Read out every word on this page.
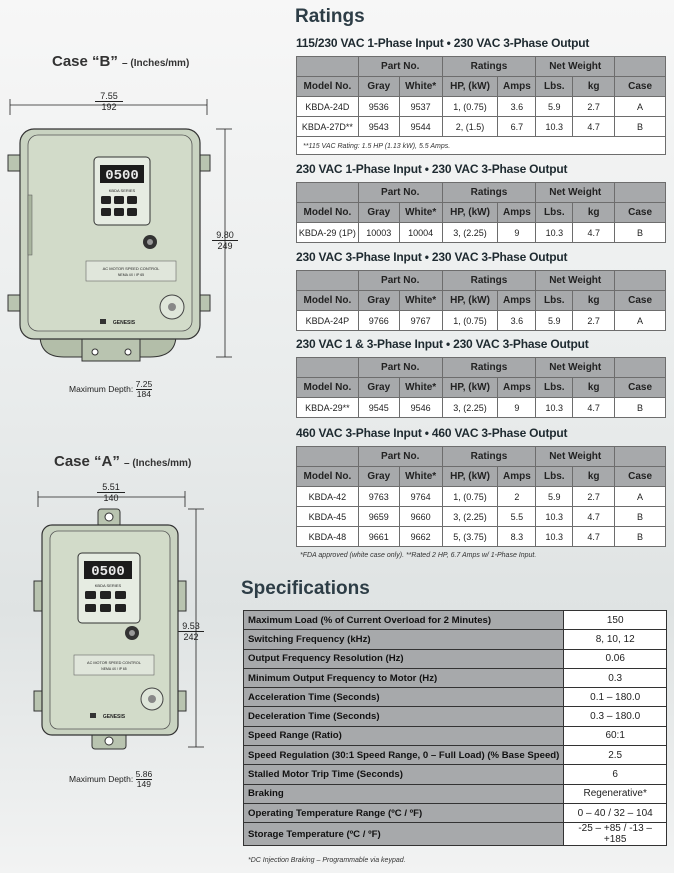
Case “B” – (Inches/mm)
7.55
192
9.80
249
0500
KBDA SERIES
AC MOTOR SPEED CONTROL
NEMA 4X / IP 65
GENESIS
Maximum Depth: $\frac{7.25}{184}$
Case “A” – (Inches/mm)
5.51
140
9.53
242
0500
KBDA SERIES
AC MOTOR SPEED CONTROL
NEMA 4X / IP 65
GENESIS
Maximum Depth: $\frac{5.86}{149}$
Ratings
115/230 VAC 1-Phase Input • 230 VAC 3-Phase Output
	Part No.		Ratings		Net Weight		
Model No.	Gray	White*	HP, (kW)	Amps	Lbs.	kg	Case
KBDA-24D	9536	9537	1, (0.75)	3.6	5.9	2.7	A
KBDA-27D**	9543	9544	2, (1.5)	6.7	10.3	4.7	B
**115 VAC Rating: 1.5 HP (1.13 kW), 5.5 Amps.							
230 VAC 1-Phase Input • 230 VAC 3-Phase Output
	Part No.		Ratings		Net Weight		
Model No.	Gray	White*	HP, (kW)	Amps	Lbs.	kg	Case
KBDA-29 (1P)	10003	10004	3, (2.25)	9	10.3	4.7	B
230 VAC 3-Phase Input • 230 VAC 3-Phase Output
	Part No.		Ratings		Net Weight		
Model No.	Gray	White*	HP, (kW)	Amps	Lbs.	kg	Case
KBDA-24P	9766	9767	1, (0.75)	3.6	5.9	2.7	A
230 VAC 1 & 3-Phase Input • 230 VAC 3-Phase Output
	Part No.		Ratings		Net Weight		
Model No.	Gray	White*	HP, (kW)	Amps	Lbs.	kg	Case
KBDA-29**	9545	9546	3, (2.25)	9	10.3	4.7	B
460 VAC 3-Phase Input • 460 VAC 3-Phase Output
	Part No.		Ratings		Net Weight		
Model No.	Gray	White*	HP, (kW)	Amps	Lbs.	kg	Case
KBDA-42	9763	9764	1, (0.75)	2	5.9	2.7	A
KBDA-45	9659	9660	3, (2.25)	5.5	10.3	4.7	B
KBDA-48	9661	9662	5, (3.75)	8.3	10.3	4.7	B
*FDA approved (white case only). **Rated 2 HP, 6.7 Amps w/ 1-Phase Input.
Specifications
Maximum Load (% of Current Overload for 2 Minutes)	150
Switching Frequency (kHz)	8, 10, 12
Output Frequency Resolution (Hz)	0.06
Minimum Output Frequency to Motor (Hz)	0.3
Acceleration Time (Seconds)	0.1 – 180.0
Deceleration Time (Seconds)	0.3 – 180.0
Speed Range (Ratio)	60:1
Speed Regulation (30:1 Speed Range, 0 – Full Load) (% Base Speed)	2.5
Stalled Motor Trip Time (Seconds)	6
Braking	Regenerative*
Operating Temperature Range (ºC / ºF)	0 – 40 / 32 – 104
Storage Temperature (ºC / ºF)	-25 – +85 / -13 – +185
*DC Injection Braking – Programmable via keypad.
